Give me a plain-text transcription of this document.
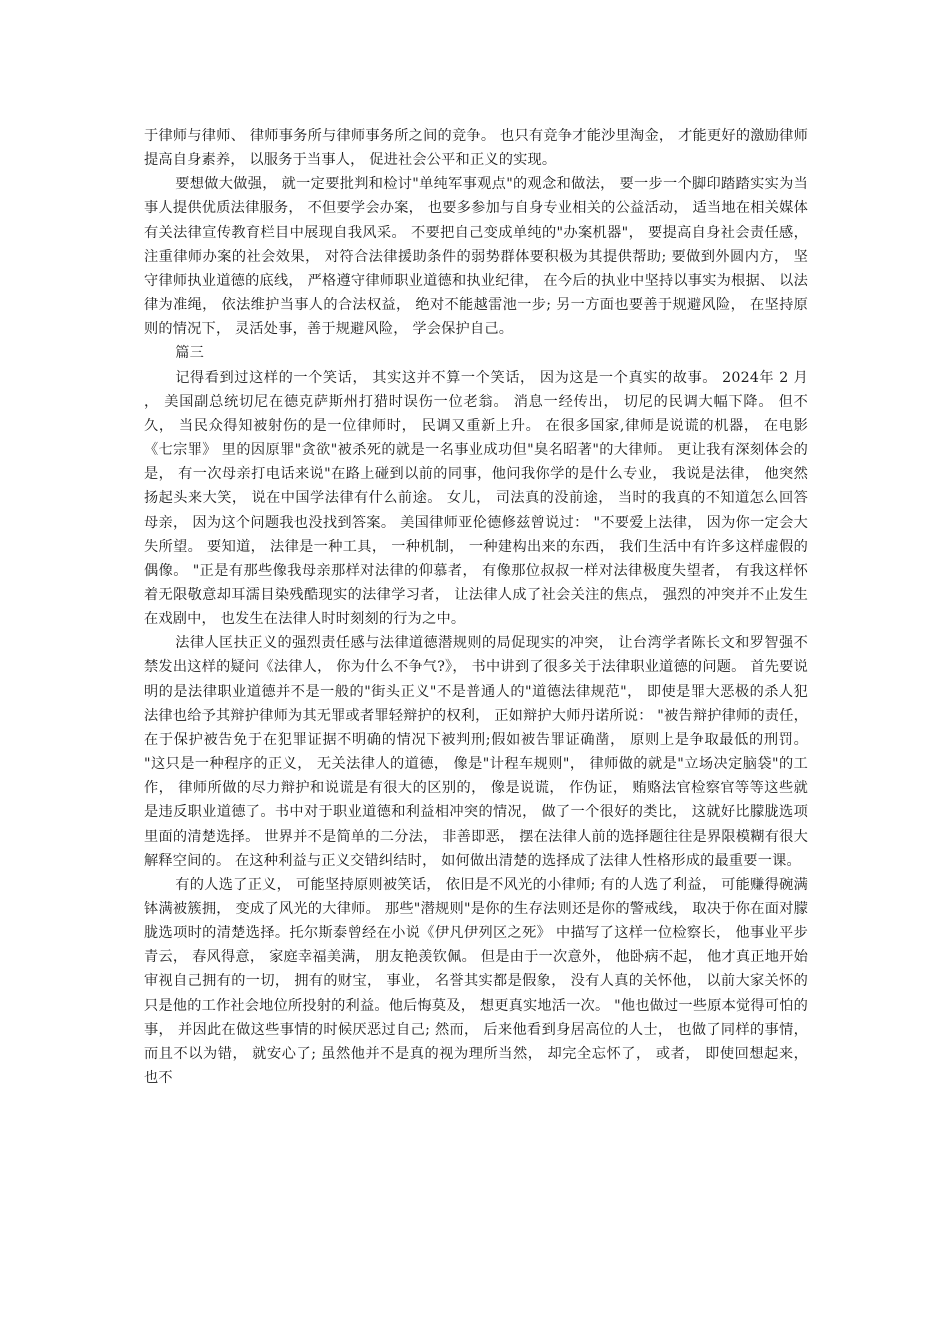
于律师与律师、 律师事务所与律师事务所之间的竞争。 也只有竞争才能沙里淘金， 才能更好的激励律师提高自身素养， 以服务于当事人， 促进社会公平和正义的实现。

要想做大做强， 就一定要批判和检讨"单纯军事观点"的观念和做法， 要一步一个脚印踏踏实实为当事人提供优质法律服务， 不但要学会办案， 也要多参加与自身专业相关的公益活动， 适当地在相关媒体有关法律宣传教育栏目中展现自我风采。 不要把自己变成单纯的"办案机器"， 要提高自身社会责任感， 注重律师办案的社会效果， 对符合法律援助条件的弱势群体要积极为其提供帮助; 要做到外圆内方， 坚守律师执业道德的底线， 严格遵守律师职业道德和执业纪律， 在今后的执业中坚持以事实为根据、 以法律为准绳， 依法维护当事人的合法权益， 绝对不能越雷池一步; 另一方面也要善于规避风险， 在坚持原则的情况下， 灵活处事，善于规避风险， 学会保护自己。

篇三

记得看到过这样的一个笑话， 其实这并不算一个笑话， 因为这是一个真实的故事。 2024年 2 月 ， 美国副总统切尼在德克萨斯州打猎时误伤一位老翁。 消息一经传出， 切尼的民调大幅下降。 但不久， 当民众得知被射伤的是一位律师时， 民调又重新上升。 在很多国家,律师是说谎的机器， 在电影《七宗罪》 里的因原罪"贪欲"被杀死的就是一名事业成功但"臭名昭著"的大律师。 更让我有深刻体会的是， 有一次母亲打电话来说"在路上碰到以前的同事，他问我你学的是什么专业， 我说是法律， 他突然扬起头来大笑， 说在中国学法律有什么前途。 女儿， 司法真的没前途， 当时的我真的不知道怎么回答母亲， 因为这个问题我也没找到答案。 美国律师亚伦德修兹曾说过： "不要爱上法律， 因为你一定会大失所望。 要知道， 法律是一种工具， 一种机制， 一种建构出来的东西， 我们生活中有许多这样虚假的偶像。 "正是有那些像我母亲那样对法律的仰慕者， 有像那位叔叔一样对法律极度失望者， 有我这样怀着无限敬意却耳濡目染残酷现实的法律学习者， 让法律人成了社会关注的焦点， 强烈的冲突并不止发生在戏剧中， 也发生在法律人时时刻刻的行为之中。

法律人匡扶正义的强烈责任感与法律道德潜规则的局促现实的冲突， 让台湾学者陈长文和罗智强不禁发出这样的疑问《法律人， 你为什么不争气?》， 书中讲到了很多关于法律职业道德的问题。 首先要说明的是法律职业道德并不是一般的"街头正义"不是普通人的"道德法律规范"， 即使是罪大恶极的杀人犯法律也给予其辩护律师为其无罪或者罪轻辩护的权利， 正如辩护大师丹诺所说： "被告辩护律师的责任， 在于保护被告免于在犯罪证据不明确的情况下被判刑;假如被告罪证确凿， 原则上是争取最低的刑罚。 "这只是一种程序的正义， 无关法律人的道德， 像是"计程车规则"， 律师做的就是"立场决定脑袋"的工作， 律师所做的尽力辩护和说谎是有很大的区别的， 像是说谎， 作伪证， 贿赂法官检察官等等这些就是违反职业道德了。书中对于职业道德和利益相冲突的情况， 做了一个很好的类比， 这就好比朦胧选项里面的清楚选择。 世界并不是简单的二分法， 非善即恶， 摆在法律人前的选择题往往是界限模糊有很大解释空间的。 在这种利益与正义交错纠结时， 如何做出清楚的选择成了法律人性格形成的最重要一课。

有的人选了正义， 可能坚持原则被笑话， 依旧是不风光的小律师; 有的人选了利益， 可能赚得碗满钵满被簇拥， 变成了风光的大律师。 那些"潜规则"是你的生存法则还是你的警戒线， 取决于你在面对朦胧选项时的清楚选择。托尔斯泰曾经在小说《伊凡伊列区之死》 中描写了这样一位检察长， 他事业平步青云， 春风得意， 家庭幸福美满， 朋友艳羡钦佩。 但是由于一次意外， 他卧病不起， 他才真正地开始审视自己拥有的一切， 拥有的财宝， 事业， 名誉其实都是假象， 没有人真的关怀他， 以前大家关怀的只是他的工作社会地位所投射的利益。他后悔莫及， 想更真实地活一次。 "他也做过一些原本觉得可怕的事， 并因此在做这些事情的时候厌恶过自己; 然而， 后来他看到身居高位的人士， 也做了同样的事情， 而且不以为错， 就安心了; 虽然他并不是真的视为理所当然， 却完全忘怀了， 或者， 即使回想起来， 也不
